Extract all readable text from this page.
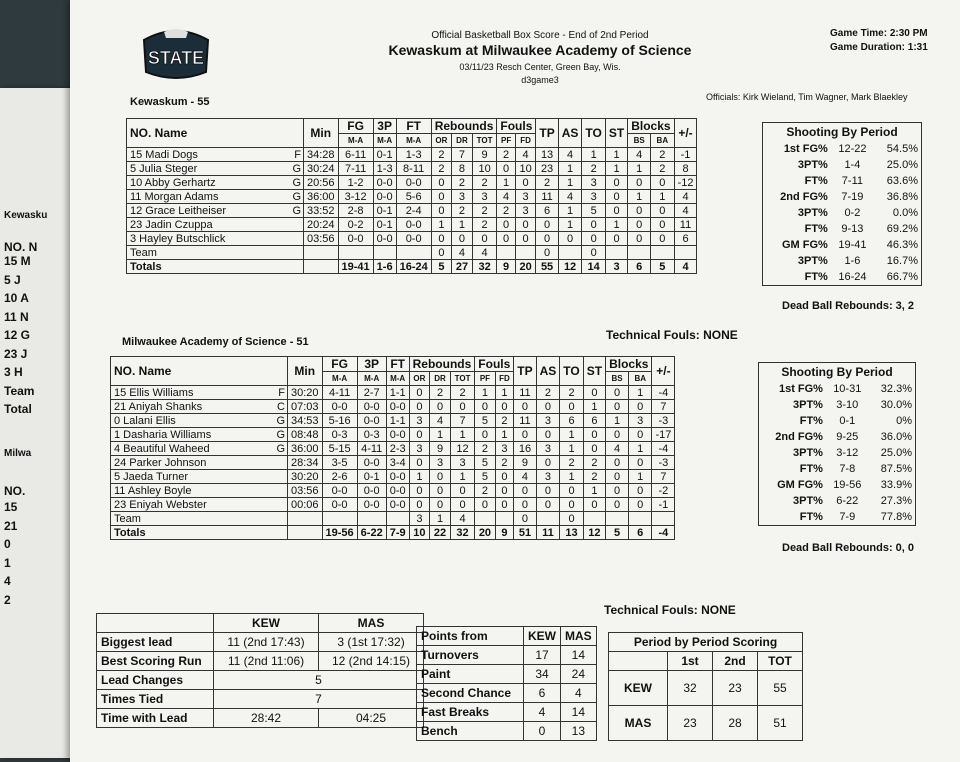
Kewasku
NO. N
15 M
5 J
10 A
11 N
12 G
23 J
3 H
Team
Total
Milwa
NO.
15
21
0
1
4
2
STATE
Official Basketball Box Score - End of 2nd Period
Kewaskum at Milwaukee Academy of Science
03/11/23 Resch Center, Green Bay, Wis.
d3game3
Game Time: 2:30 PM
Game Duration: 1:31
Officials: Kirk Wieland, Tim Wagner, Mark Blaekley
Kewaskum - 55
NO. Name	Min	FG	3P	FT	Rebounds			Fouls		TP	AS	TO	ST	Blocks		+/-
		M-A	M-A	M-A	OR	DR	TOT	PF	FD					BS	BA	
15 Madi Dogs F	34:28	6-11	0-1	1-3	2	7	9	2	4	13	4	1	1	4	2	-1
5 Julia Steger G	30:24	7-11	1-3	8-11	2	8	10	0	10	23	1	2	1	1	2	8
10 Abby Gerhartz G	20:56	1-2	0-0	0-0	0	2	2	1	0	2	1	3	0	0	0	-12
11 Morgan Adams G	36:00	3-12	0-0	5-6	0	3	3	4	3	11	4	3	0	1	1	4
12 Grace Leitheiser G	33:52	2-8	0-1	2-4	0	2	2	2	3	6	1	5	0	0	0	4
23 Jadin Czuppa	20:24	0-2	0-1	0-0	1	1	2	0	0	0	1	0	1	0	0	11
3 Hayley Butschlick	03:56	0-0	0-0	0-0	0	0	0	0	0	0	0	0	0	0	0	6
Team					0	4	4			0		0				
Totals		19-41	1-6	16-24	5	27	32	9	20	55	12	14	3	6	5	4
Technical Fouls: NONE
Shooting By Period
1st FG%	12-22	54.5%
3PT%	1-4	25.0%
FT%	7-11	63.6%
2nd FG%	7-19	36.8%
3PT%	0-2	0.0%
FT%	9-13	69.2%
GM FG%	19-41	46.3%
3PT%	1-6	16.7%
FT%	16-24	66.7%
Dead Ball Rebounds: 3, 2
Milwaukee Academy of Science - 51
NO. Name	Min	FG	3P	FT	Rebounds			Fouls		TP	AS	TO	ST	Blocks		+/-
		M-A	M-A	M-A	OR	DR	TOT	PF	FD					BS	BA	
15 Ellis Williams F	30:20	4-11	2-7	1-1	0	2	2	1	1	11	2	2	0	0	1	-4
21 Aniyah Shanks C	07:03	0-0	0-0	0-0	0	0	0	0	0	0	0	0	1	0	0	7
0 Lalani Ellis G	34:53	5-16	0-0	1-1	3	4	7	5	2	11	3	6	6	1	3	-3
1 Dasharia Williams G	08:48	0-3	0-3	0-0	0	1	1	0	1	0	0	1	0	0	0	-17
4 Beautiful Waheed G	36:00	5-15	4-11	2-3	3	9	12	2	3	16	3	1	0	4	1	-4
24 Parker Johnson	28:34	3-5	0-0	3-4	0	3	3	5	2	9	0	2	2	0	0	-3
5 Jaeda Turner	30:20	2-6	0-1	0-0	1	0	1	5	0	4	3	1	2	0	1	7
11 Ashley Boyle	03:56	0-0	0-0	0-0	0	0	0	2	0	0	0	0	1	0	0	-2
23 Eniyah Webster	00:06	0-0	0-0	0-0	0	0	0	0	0	0	0	0	0	0	0	-1
Team					3	1	4			0		0				
Totals		19-56	6-22	7-9	10	22	32	20	9	51	11	13	12	5	6	-4
Technical Fouls: NONE
Shooting By Period
1st FG%	10-31	32.3%
3PT%	3-10	30.0%
FT%	0-1	0%
2nd FG%	9-25	36.0%
3PT%	3-12	25.0%
FT%	7-8	87.5%
GM FG%	19-56	33.9%
3PT%	6-22	27.3%
FT%	7-9	77.8%
Dead Ball Rebounds: 0, 0
	KEW	MAS
Biggest lead	11 (2nd 17:43)	3 (1st 17:32)
Best Scoring Run	11 (2nd 11:06)	12 (2nd 14:15)
Lead Changes	5	
Times Tied	7	
Time with Lead	28:42	04:25
Points from	KEW	MAS
Turnovers	17	14
Paint	34	24
Second Chance	6	4
Fast Breaks	4	14
Bench	0	13
Period by Period Scoring			
	1st	2nd	TOT
KEW	32	23	55
MAS	23	28	51
